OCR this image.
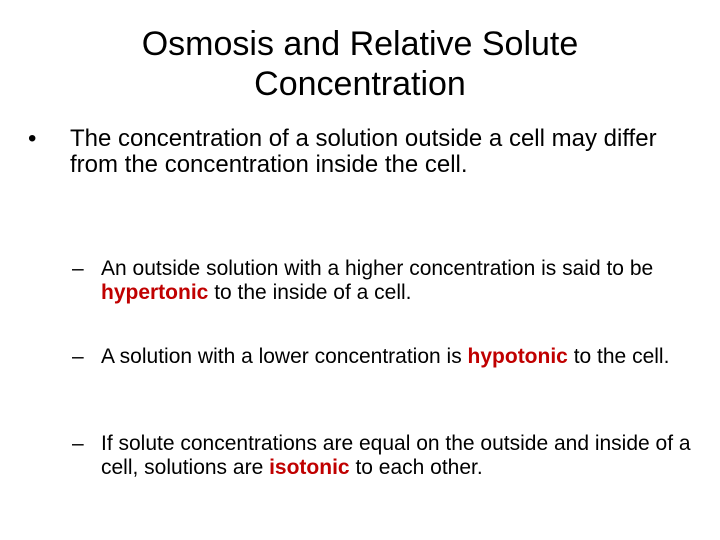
Osmosis and Relative Solute Concentration
•	The concentration of a solution outside a cell may differ from the concentration inside the cell.
– An outside solution with a higher concentration is said to be hypertonic to the inside of a cell.
– A solution with a lower concentration is hypotonic to the cell.
– If solute concentrations are equal on the outside and inside of a cell, solutions are isotonic to each other.
